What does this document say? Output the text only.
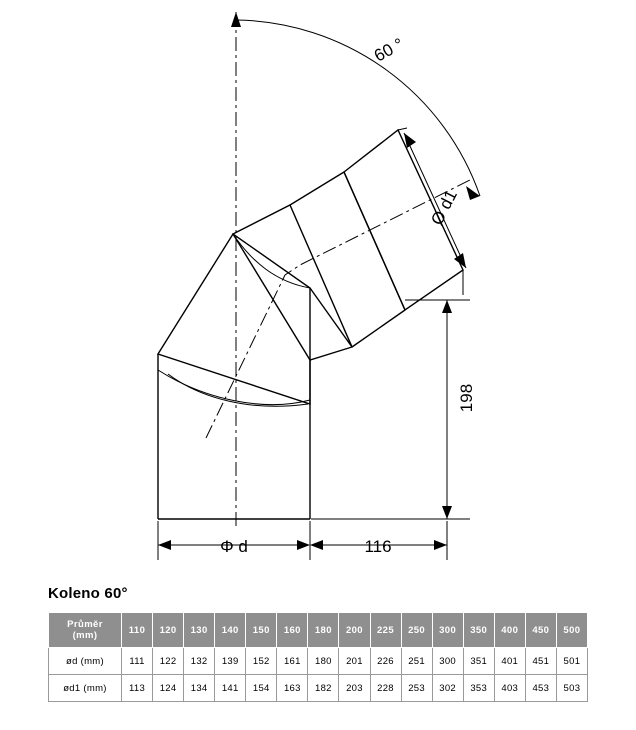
60 °
Ø d1
198
Φ d	116
Koleno 60°
Průměr
(mm)	110	120	130	140	150	160	180	200	225	250	300	350	400	450	500
ød (mm)	111	122	132	139	152	161	180	201	226	251	300	351	401	451	501
ød1 (mm)	113	124	134	141	154	163	182	203	228	253	302	353	403	453	503
